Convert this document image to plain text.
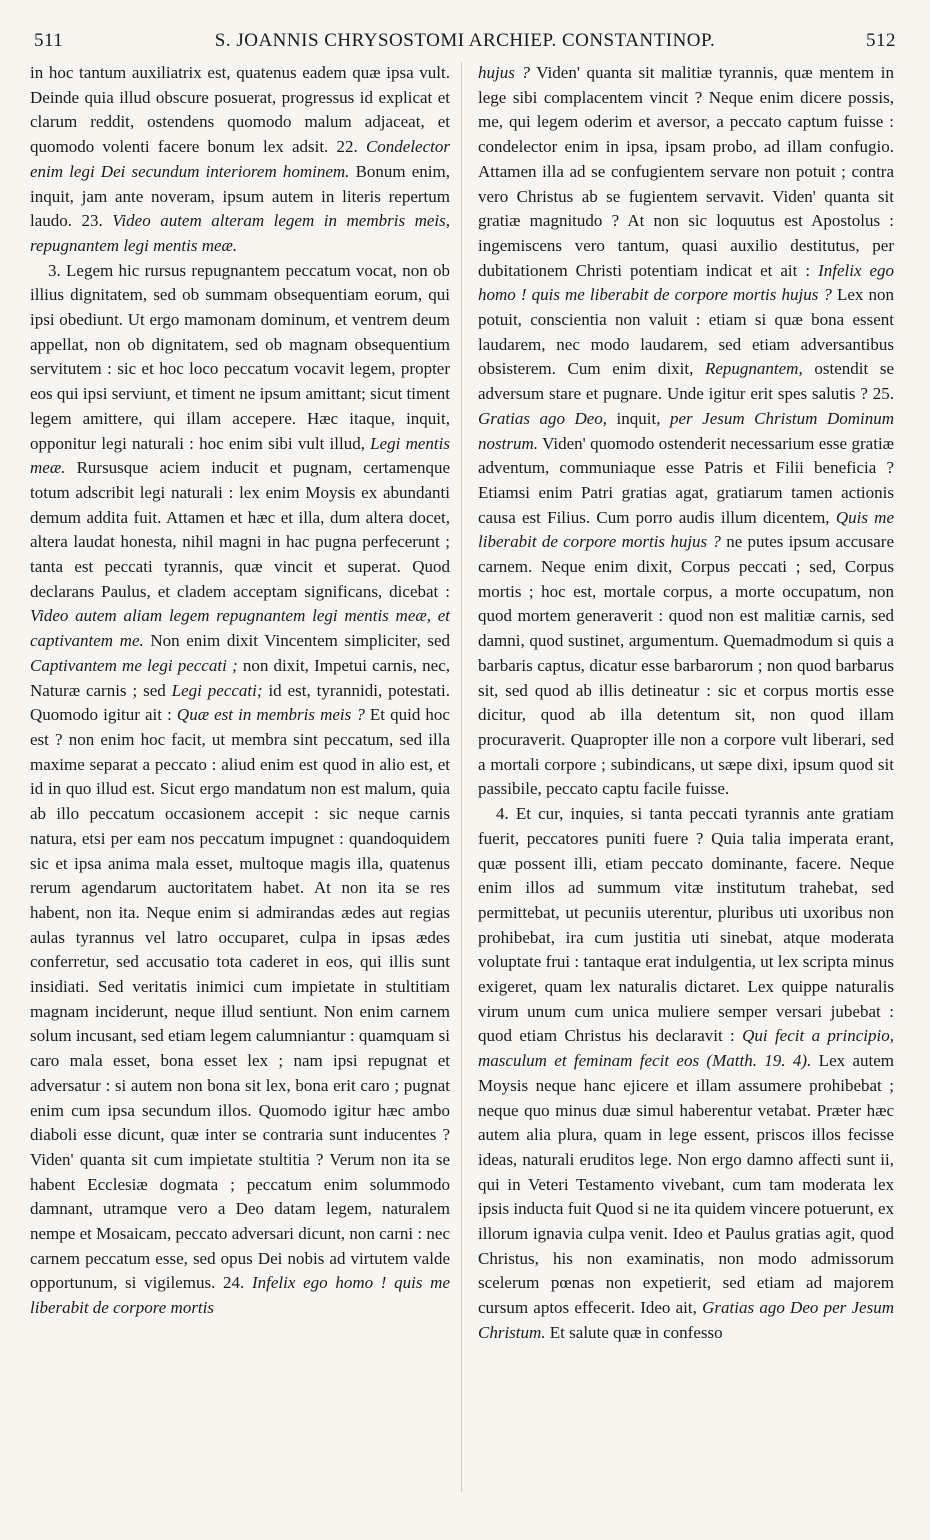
511	S. JOANNIS CHRYSOSTOMI ARCHIEP. CONSTANTINOP.	512

in hoc tantum auxiliatrix est, quatenus eadem quæ ipsa vult. Deinde quia illud obscure posuerat, progressus id explicat et clarum reddit, ostendens quomodo malum adjaceat, et quomodo volenti facere bonum lex adsit. 22. Condelector enim legi Dei secundum interiorem hominem. Bonum enim, inquit, jam ante noveram, ipsum autem in literis repertum laudo. 23. Video autem alteram legem in membris meis, repugnantem legi mentis meæ.

3. Legem hic rursus repugnantem peccatum vocat, non ob illius dignitatem, sed ob summam obsequentiam eorum, qui ipsi obediunt. Ut ergo mamonam dominum, et ventrem deum appellat, non ob dignitatem, sed ob magnam obsequentium servitutem : sic et hoc loco peccatum vocavit legem, propter eos qui ipsi serviunt, et timent ne ipsum amittant; sicut timent legem amittere, qui illam accepere. Hæc itaque, inquit, opponitur legi naturali : hoc enim sibi vult illud, Legi mentis meæ. Rursusque aciem inducit et pugnam, certamenque totum adscribit legi naturali : lex enim Moysis ex abundanti demum addita fuit. Attamen et hæc et illa, dum altera docet, altera laudat honesta, nihil magni in hac pugna perfecerunt ; tanta est peccati tyrannis, quæ vincit et superat. Quod declarans Paulus, et cladem acceptam significans, dicebat : Video autem aliam legem repugnantem legi mentis meæ, et captivantem me. Non enim dixit Vincentem simpliciter, sed Captivantem me legi peccati ; non dixit, Impetui carnis, nec, Naturæ carnis ; sed Legi peccati; id est, tyrannidi, potestati. Quomodo igitur ait : Quæ est in membris meis ? Et quid hoc est ? non enim hoc facit, ut membra sint peccatum, sed illa maxime separat a peccato : aliud enim est quod in alio est, et id in quo illud est. Sicut ergo mandatum non est malum, quia ab illo peccatum occasionem accepit : sic neque carnis natura, etsi per eam nos peccatum impugnet : quandoquidem sic et ipsa anima mala esset, multoque magis illa, quatenus rerum agendarum auctoritatem habet. At non ita se res habent, non ita. Neque enim si admirandas ædes aut regias aulas tyrannus vel latro occuparet, culpa in ipsas ædes conferretur, sed accusatio tota caderet in eos, qui illis sunt insidiati. Sed veritatis inimici cum impietate in stultitiam magnam inciderunt, neque illud sentiunt. Non enim carnem solum incusant, sed etiam legem calumniantur : quamquam si caro mala esset, bona esset lex ; nam ipsi repugnat et adversatur : si autem non bona sit lex, bona erit caro ; pugnat enim cum ipsa secundum illos. Quomodo igitur hæc ambo diaboli esse dicunt, quæ inter se contraria sunt inducentes ? Viden' quanta sit cum impietate stultitia ? Verum non ita se habent Ecclesiæ dogmata ; peccatum enim solummodo damnant, utramque vero a Deo datam legem, naturalem nempe et Mosaicam, peccato adversari dicunt, non carni : nec carnem peccatum esse, sed opus Dei nobis ad virtutem valde opportunum, si vigilemus. 24. Infelix ego homo ! quis me liberabit de corpore mortis

hujus ? Viden' quanta sit malitiæ tyrannis, quæ mentem in lege sibi complacentem vincit ? Neque enim dicere possis, me, qui legem oderim et aversor, a peccato captum fuisse : condelector enim in ipsa, ipsam probo, ad illam confugio. Attamen illa ad se confugientem servare non potuit ; contra vero Christus ab se fugientem servavit. Viden' quanta sit gratiæ magnitudo ? At non sic loquutus est Apostolus : ingemiscens vero tantum, quasi auxilio destitutus, per dubitationem Christi potentiam indicat et ait : Infelix ego homo ! quis me liberabit de corpore mortis hujus ? Lex non potuit, conscientia non valuit : etiam si quæ bona essent laudarem, nec modo laudarem, sed etiam adversantibus obsisterem. Cum enim dixit, Repugnantem, ostendit se adversum stare et pugnare. Unde igitur erit spes salutis ? 25. Gratias ago Deo, inquit, per Jesum Christum Dominum nostrum. Viden' quomodo ostenderit necessarium esse gratiæ adventum, communiaque esse Patris et Filii beneficia ? Etiamsi enim Patri gratias agat, gratiarum tamen actionis causa est Filius. Cum porro audis illum dicentem, Quis me liberabit de corpore mortis hujus ? ne putes ipsum accusare carnem. Neque enim dixit, Corpus peccati ; sed, Corpus mortis ; hoc est, mortale corpus, a morte occupatum, non quod mortem generaverit : quod non est malitiæ carnis, sed damni, quod sustinet, argumentum. Quemadmodum si quis a barbaris captus, dicatur esse barbarorum ; non quod barbarus sit, sed quod ab illis detineatur : sic et corpus mortis esse dicitur, quod ab illa detentum sit, non quod illam procuraverit. Quapropter ille non a corpore vult liberari, sed a mortali corpore ; subindicans, ut sæpe dixi, ipsum quod sit passibile, peccato captu facile fuisse.

4. Et cur, inquies, si tanta peccati tyrannis ante gratiam fuerit, peccatores puniti fuere ? Quia talia imperata erant, quæ possent illi, etiam peccato dominante, facere. Neque enim illos ad summum vitæ institutum trahebat, sed permittebat, ut pecuniis uterentur, pluribus uti uxoribus non prohibebat, ira cum justitia uti sinebat, atque moderata voluptate frui : tantaque erat indulgentia, ut lex scripta minus exigeret, quam lex naturalis dictaret. Lex quippe naturalis virum unum cum unica muliere semper versari jubebat : quod etiam Christus his declaravit : Qui fecit a principio, masculum et feminam fecit eos (Matth. 19. 4). Lex autem Moysis neque hanc ejicere et illam assumere prohibebat ; neque quo minus duæ simul haberentur vetabat. Præter hæc autem alia plura, quam in lege essent, priscos illos fecisse ideas, naturali eruditos lege. Non ergo damno affecti sunt ii, qui in Veteri Testamento vivebant, cum tam moderata lex ipsis inducta fuit Quod si ne ita quidem vincere potuerunt, ex illorum ignavia culpa venit. Ideo et Paulus gratias agit, quod Christus, his non examinatis, non modo admissorum scelerum pœnas non expetierit, sed etiam ad majorem cursum aptos effecerit. Ideo ait, Gratias ago Deo per Jesum Christum. Et salute quæ in confesso
